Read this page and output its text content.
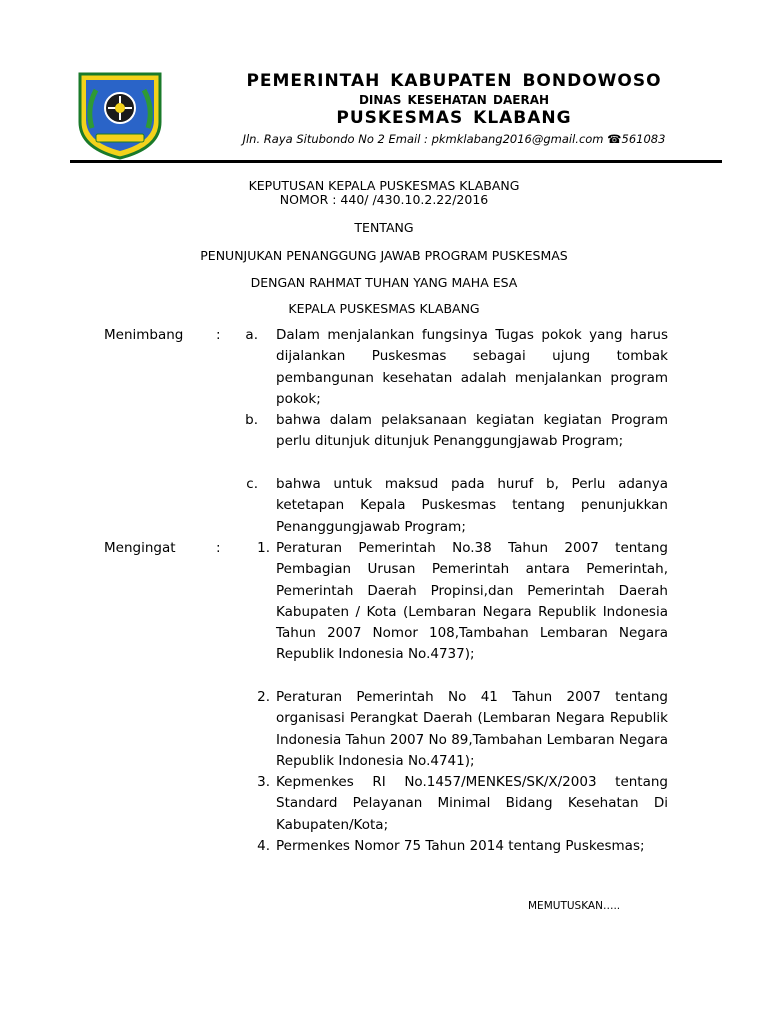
PEMERINTAH KABUPATEN BONDOWOSO
DINAS KESEHATAN DAERAH
PUSKESMAS KLABANG
Jln. Raya Situbondo No 2 Email : pkmklabang2016@gmail.com ☎561083
KEPUTUSAN KEPALA PUSKESMAS KLABANG
NOMOR : 440/ /430.10.2.22/2016
TENTANG
PENUNJUKAN PENANGGUNG JAWAB PROGRAM PUSKESMAS
DENGAN RAHMAT TUHAN YANG MAHA ESA
KEPALA PUSKESMAS KLABANG
Menimbang :	a. Dalam menjalankan fungsinya Tugas pokok yang harus dijalankan Puskesmas sebagai ujung tombak pembangunan kesehatan adalah menjalankan program pokok;
b. bahwa dalam pelaksanaan kegiatan kegiatan Program perlu ditunjuk ditunjuk Penanggungjawab Program;
c. bahwa untuk maksud pada huruf b, Perlu adanya ketetapan Kepala Puskesmas tentang penunjukkan Penanggungjawab Program;
Mengingat	:	1. Peraturan Pemerintah No.38 Tahun 2007 tentang Pembagian Urusan Pemerintah antara Pemerintah, Pemerintah Daerah Propinsi,dan Pemerintah Daerah Kabupaten / Kota (Lembaran Negara Republik Indonesia Tahun 2007 Nomor 108,Tambahan Lembaran Negara Republik Indonesia No.4737);
2. Peraturan Pemerintah No 41 Tahun 2007 tentang organisasi Perangkat Daerah (Lembaran Negara Republik Indonesia Tahun 2007 No 89,Tambahan Lembaran Negara Republik Indonesia No.4741);
3. Kepmenkes RI No.1457/MENKES/SK/X/2003 tentang Standard Pelayanan Minimal Bidang Kesehatan Di Kabupaten/Kota;
4. Permenkes Nomor 75 Tahun 2014 tentang Puskesmas;
MEMUTUSKAN…..
